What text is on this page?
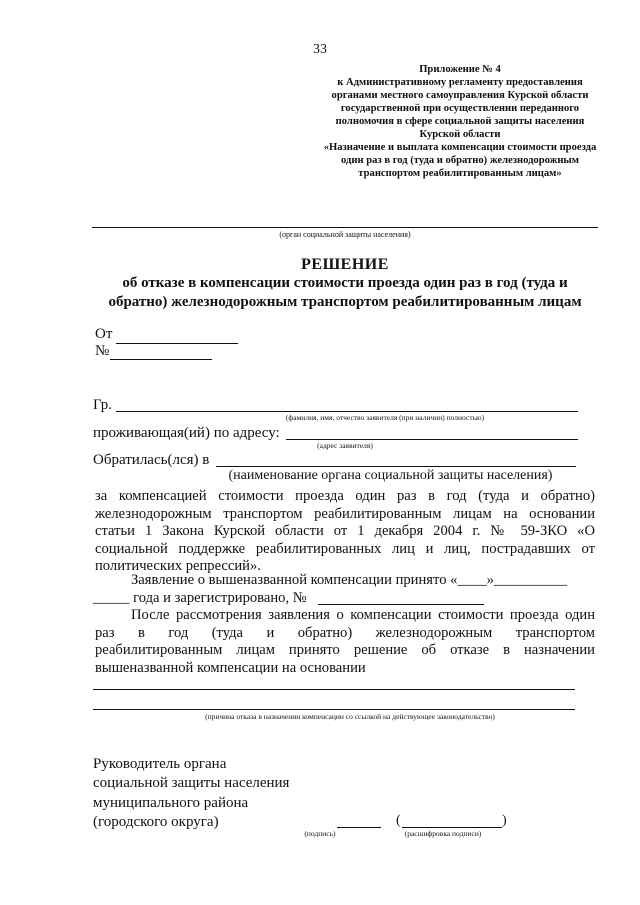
33
Приложение № 4
к Административному регламенту предоставления
органами местного самоуправления Курской области
государственной при осуществлении переданного
полномочия в сфере социальной защиты населения
Курской области
«Назначение и выплата компенсации стоимости проезда
один раз в год (туда и обратно) железнодорожным
транспортом реабилитированным лицам»
(орган социальной защиты населения)
РЕШЕНИЕ
об отказе в компенсации стоимости проезда один раз в год (туда и
обратно) железнодорожным транспортом реабилитированным лицам
От
№
Гр.
(фамилия, имя, отчество заявителя (при наличии) полностью)
проживающая(ий) по адресу:
(адрес заявителя)
Обратилась(лся) в
(наименование органа социальной защиты населения)
за компенсацией стоимости проезда один раз в год (туда и обратно)
железнодорожным транспортом реабилитированным лицам на основании
статьи 1 Закона Курской области от 1 декабря 2004 г. № 59-ЗКО «О
социальной поддержке реабилитированных лиц и лиц, пострадавших от
политических репрессий».
Заявление о вышеназванной компенсации принято «____»__________
_____ года и зарегистрировано, №
После рассмотрения заявления о компенсации стоимости проезда один
раз в год (туда и обратно) железнодорожным транспортом
реабилитированным лицам принято решение об отказе в назначении
вышеназванной компенсации на основании
(причина отказа в назначении компенсации со ссылкой на действующее законодательство)
Руководитель органа
социальной защиты населения
муниципального района
(городского округа)
(подпись)
(	)
(расшифровка подписи)
